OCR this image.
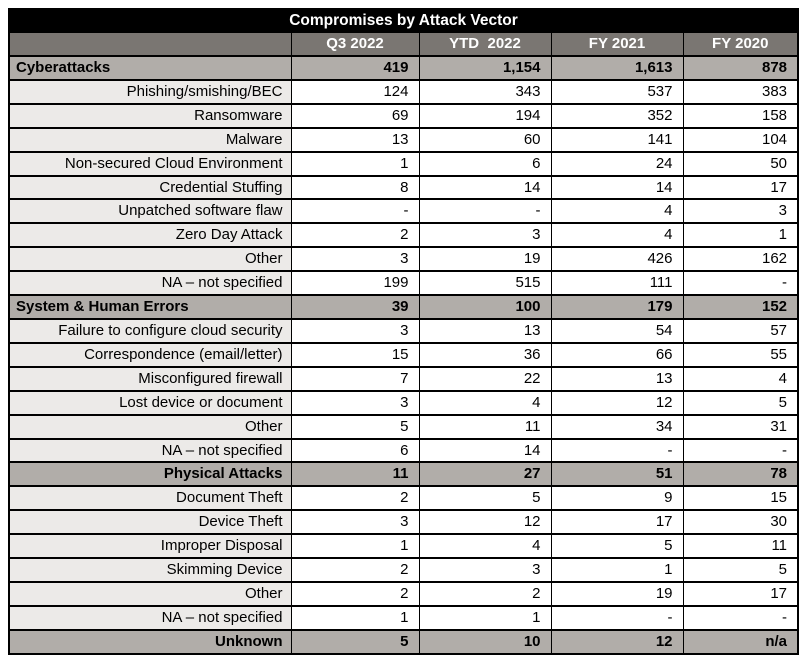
Compromises by Attack Vector				
	Q3 2022	YTD  2022	FY 2021	FY 2020
Cyberattacks	419	1,154	1,613	878
Phishing/smishing/BEC	124	343	537	383
Ransomware	69	194	352	158
Malware	13	60	141	104
Non-secured Cloud Environment	1	6	24	50
Credential Stuffing	8	14	14	17
Unpatched software flaw	-	-	4	3
Zero Day Attack	2	3	4	1
Other	3	19	426	162
NA – not specified	199	515	111	-
System & Human Errors	39	100	179	152
Failure to configure cloud security	3	13	54	57
Correspondence (email/letter)	15	36	66	55
Misconfigured firewall	7	22	13	4
Lost device or document	3	4	12	5
Other	5	11	34	31
NA – not specified	6	14	-	-
Physical Attacks	11	27	51	78
Document Theft	2	5	9	15
Device Theft	3	12	17	30
Improper Disposal	1	4	5	11
Skimming Device	2	3	1	5
Other	2	2	19	17
NA – not specified	1	1	-	-
Unknown	5	10	12	n/a
